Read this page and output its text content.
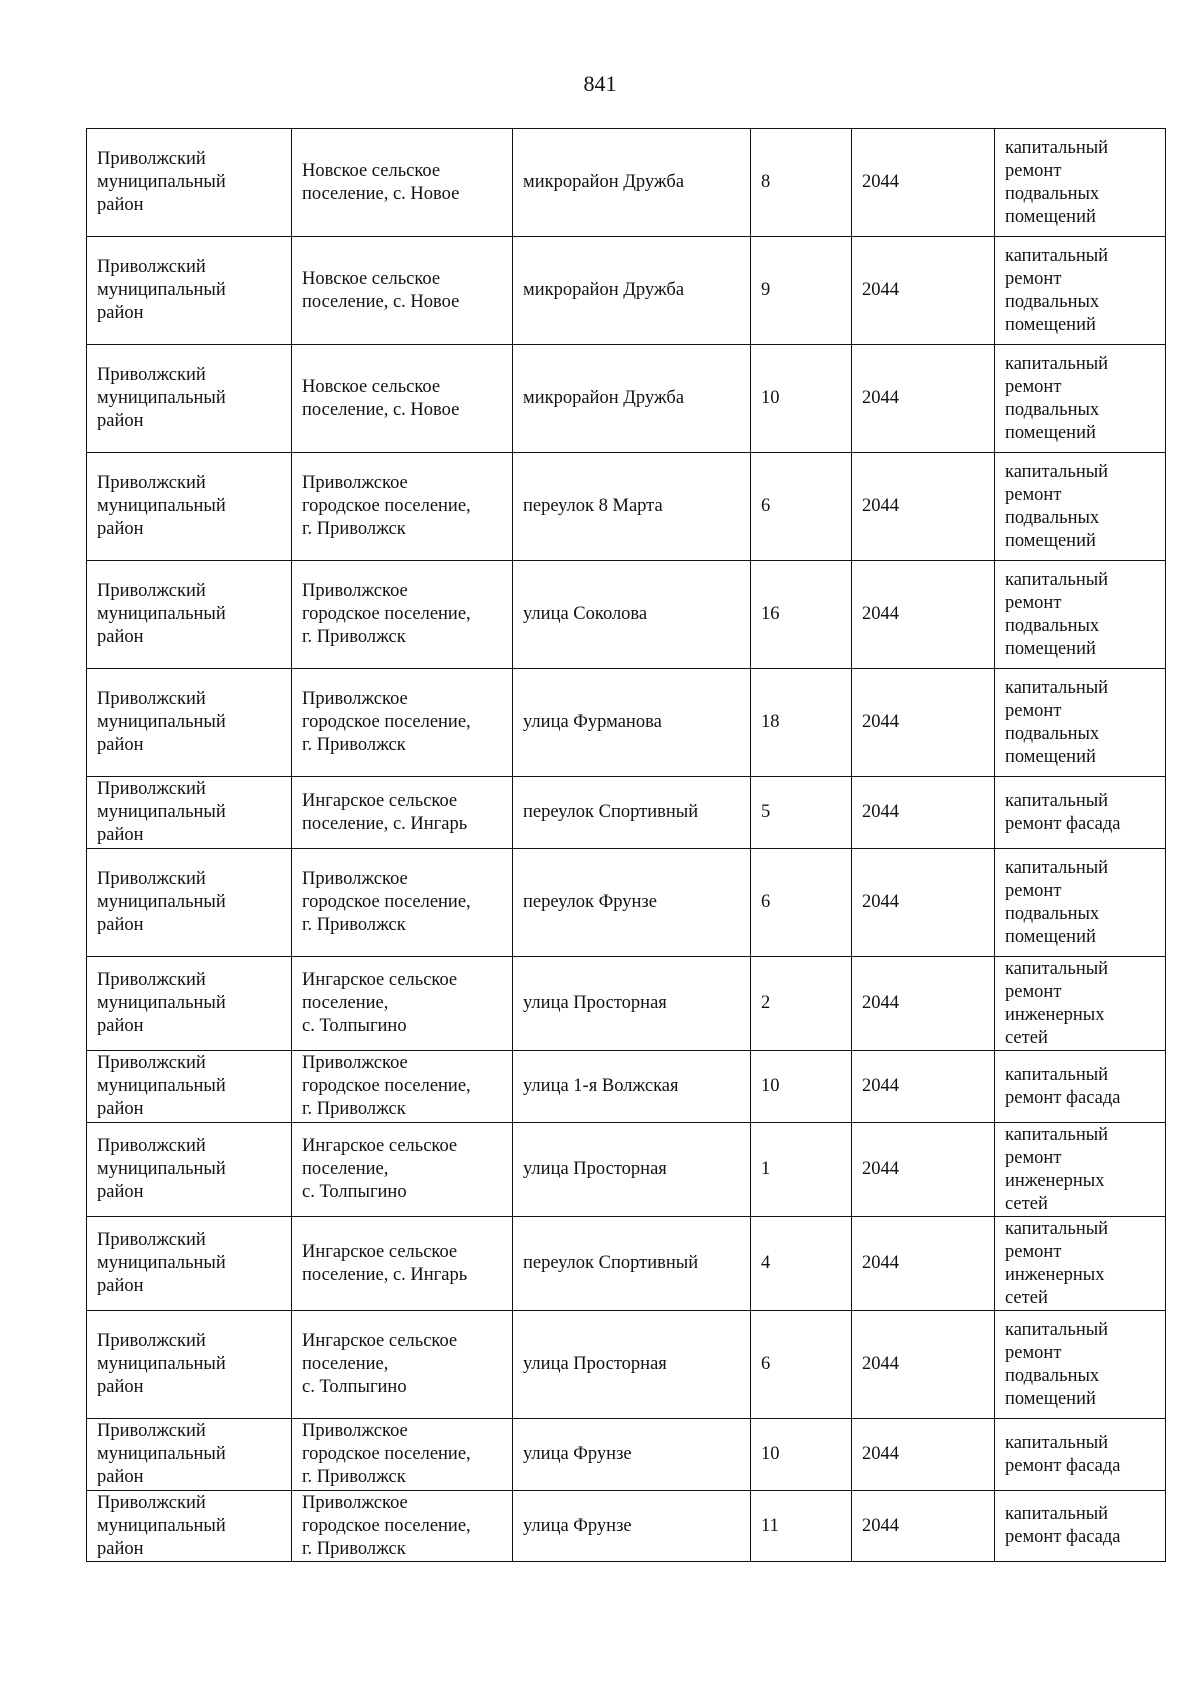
841
Приволжский
муниципальный
район	Новское сельское
поселение, с. Новое	микрорайон Дружба	8	2044	капитальный
ремонт
подвальных
помещений

Приволжский
муниципальный
район	Новское сельское
поселение, с. Новое	микрорайон Дружба	9	2044	капитальный
ремонт
подвальных
помещений

Приволжский
муниципальный
район	Новское сельское
поселение, с. Новое	микрорайон Дружба	10	2044	капитальный
ремонт
подвальных
помещений

Приволжский
муниципальный
район	Приволжское
городское поселение,
г. Приволжск	переулок 8 Марта	6	2044	капитальный
ремонт
подвальных
помещений

Приволжский
муниципальный
район	Приволжское
городское поселение,
г. Приволжск	улица Соколова	16	2044	капитальный
ремонт
подвальных
помещений

Приволжский
муниципальный
район	Приволжское
городское поселение,
г. Приволжск	улица Фурманова	18	2044	капитальный
ремонт
подвальных
помещений

Приволжский
муниципальный
район	Ингарское сельское
поселение, с. Ингарь	переулок Спортивный	5	2044	капитальный
ремонт фасада

Приволжский
муниципальный
район	Приволжское
городское поселение,
г. Приволжск	переулок Фрунзе	6	2044	капитальный
ремонт
подвальных
помещений

Приволжский
муниципальный
район	Ингарское сельское
поселение,
с. Толпыгино	улица Просторная	2	2044	капитальный
ремонт
инженерных
сетей

Приволжский
муниципальный
район	Приволжское
городское поселение,
г. Приволжск	улица 1-я Волжская	10	2044	капитальный
ремонт фасада

Приволжский
муниципальный
район	Ингарское сельское
поселение,
с. Толпыгино	улица Просторная	1	2044	капитальный
ремонт
инженерных
сетей

Приволжский
муниципальный
район	Ингарское сельское
поселение, с. Ингарь	переулок Спортивный	4	2044	капитальный
ремонт
инженерных
сетей

Приволжский
муниципальный
район	Ингарское сельское
поселение,
с. Толпыгино	улица Просторная	6	2044	капитальный
ремонт
подвальных
помещений

Приволжский
муниципальный
район	Приволжское
городское поселение,
г. Приволжск	улица Фрунзе	10	2044	капитальный
ремонт фасада

Приволжский
муниципальный
район	Приволжское
городское поселение,
г. Приволжск	улица Фрунзе	11	2044	капитальный
ремонт фасада
